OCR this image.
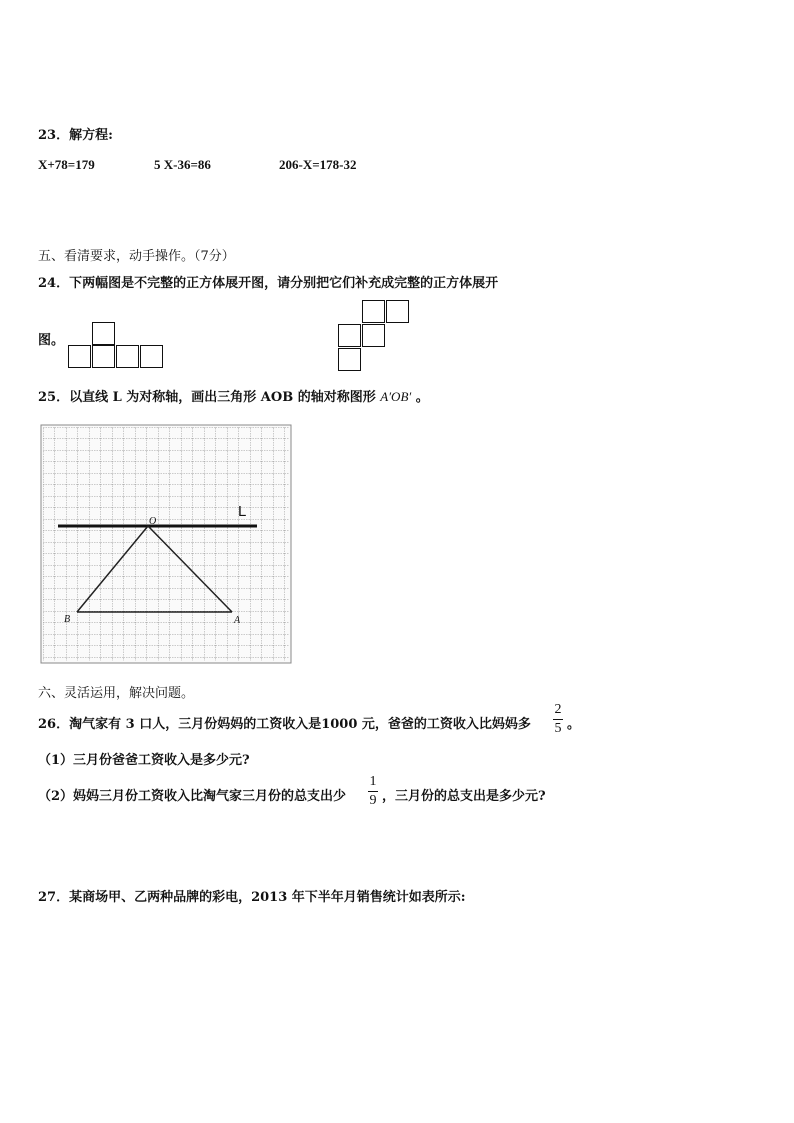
23．解方程:
X+78=179	5 X-36=86	206-X=178-32
五、看清要求，动手操作。（7分）
24．下两幅图是不完整的正方体展开图，请分别把它们补充成完整的正方体展开
图。
25．以直线 L 为对称轴，画出三角形 AOB 的轴对称图形 A′OB′ 。
L
O
B	A
六、灵活运用，解决问题。
26．淘气家有 3 口人，三月份妈妈的工资收入是1000 元，爸爸的工资收入比妈妈多
2
5 。
（1）三月份爸爸工资收入是多少元?
（2）妈妈三月份工资收入比淘气家三月份的总支出少
1
9 ，三月份的总支出是多少元?
27．某商场甲、乙两种品牌的彩电，2013 年下半年月销售统计如表所示:
